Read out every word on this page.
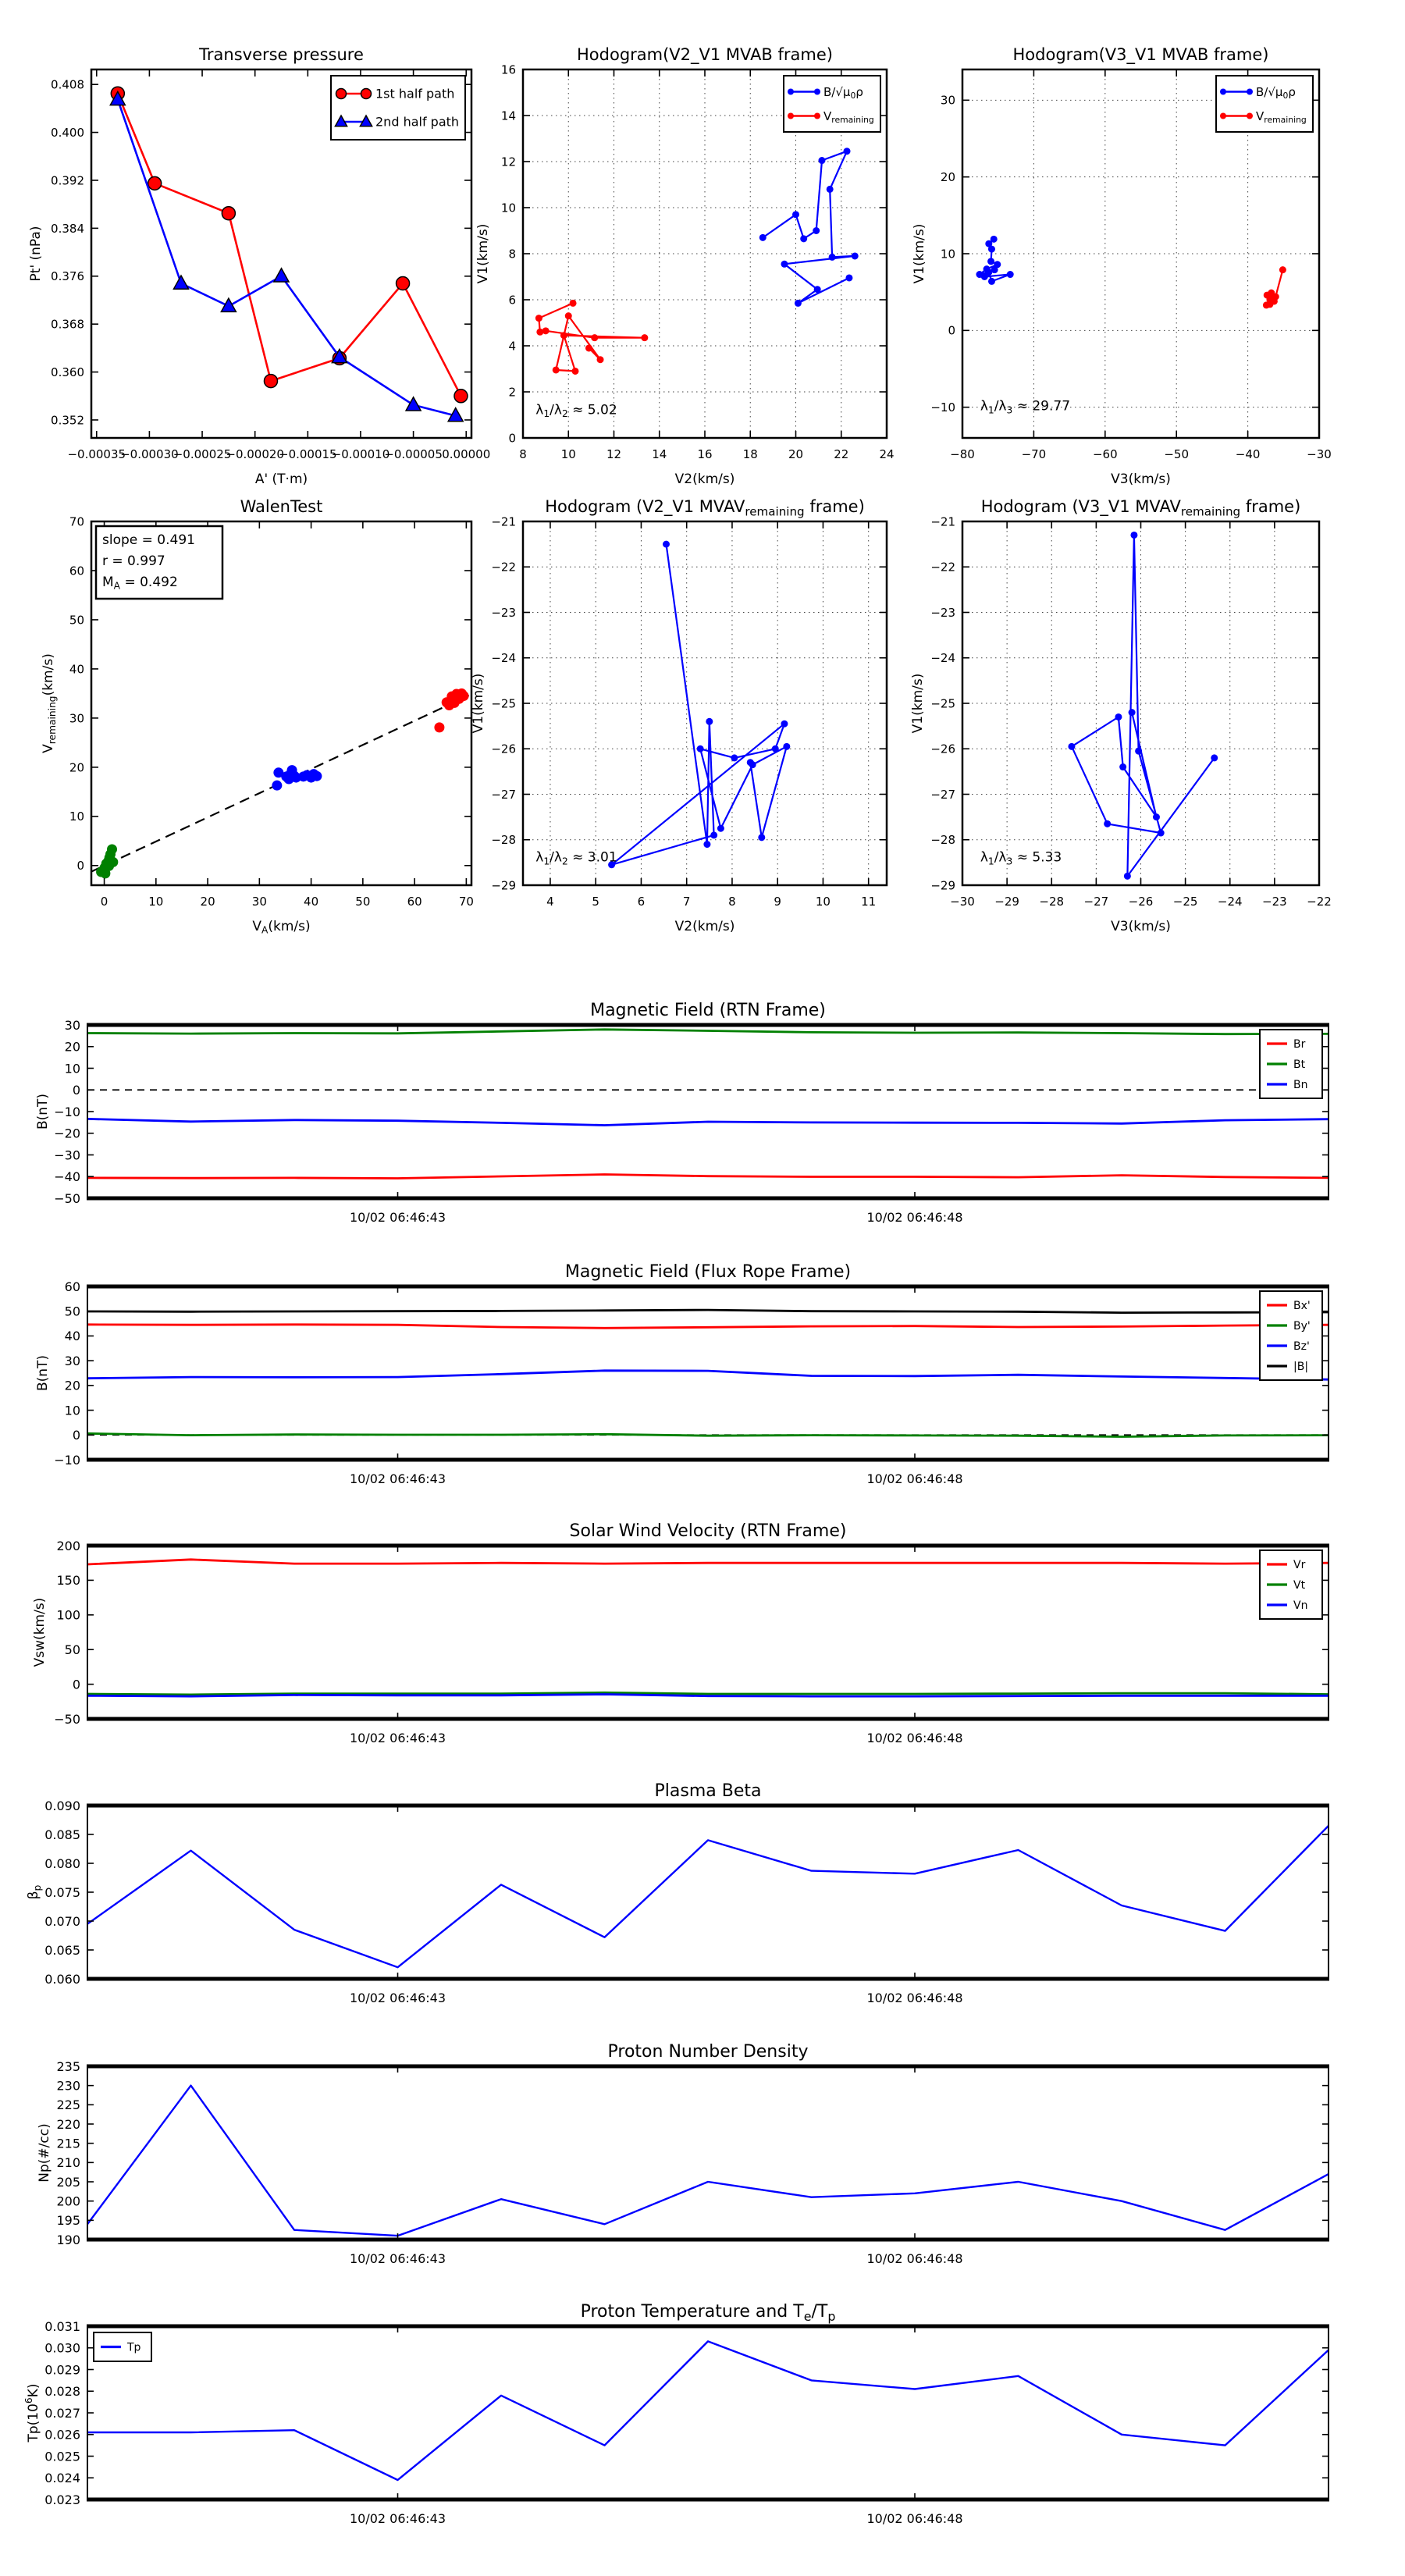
−0.00035
−0.00030
−0.00025
−0.00020
−0.00015
−0.00010
−0.00005 0.00000
0.352
0.360
0.368
0.376
0.384
0.392
0.400
0.408
Transverse pressure
A' (T·m)
Pt' (nPa)
1st half path
2nd half path
8	10	12	14	16	18	20	22	24
0
2
4
6
8
10
12
14
16
Hodogram(V2_V1 MVAB frame)
V2(km/s)
V1(km/s)
$B/√\mu_0\rho$
$V_{remaining}$
$\lambda_1/\lambda_2 \approx 5.02$
−80	−70	−60	−50	−40	−30
−10
0
10
20
30
Hodogram(V3_V1 MVAB frame)
V3(km/s)
V1(km/s)
$B/√\mu_0\rho$
$V_{remaining}$
$\lambda_1/\lambda_3 \approx 29.77$
0	10	20	30	40	50	60	70
0
10
20
30
40
50
60
70
WalenTest
$V_A(km/s)$
$V_{remaining}(km/s)$
slope = 0.491
r = 0.997
$M_A = 0.492$
4	5	6	7	8	9	10	11
−29
−28
−27
−26
−25
−24
−23
−22
−21
Hodogram (V2_V1 $MVAV_{remaining}$ frame)
V2(km/s)
V1(km/s)
$\lambda_1/\lambda_2 \approx 3.01$
−30 −29 −28 −27 −26 −25 −24 −23 −22
−29
−28
−27
−26
−25
−24
−23
−22
−21
Hodogram (V3_V1 $MVAV_{remaining}$ frame)
V3(km/s)
V1(km/s)
$\lambda_1/\lambda_3 \approx 5.33$
10/02 06:46:43	10/02 06:46:48
−50
−40
−30
−20
−10
0
10
20
30
Magnetic Field (RTN Frame)
B(nT)
Br
Bt
Bn
10/02 06:46:43	10/02 06:46:48
−10
0
10
20
30
40
50
60
Magnetic Field (Flux Rope Frame)
B(nT)
Bx'
By'
Bz'
|B|
10/02 06:46:43	10/02 06:46:48
−50
0
50
100
150
200
Solar Wind Velocity (RTN Frame)
Vsw(km/s)
Vr
Vt
Vn
10/02 06:46:43	10/02 06:46:48
0.060
0.065
0.070
0.075
0.080
0.085
0.090
Plasma Beta
$\beta_p$
10/02 06:46:43	10/02 06:46:48
190
195
200
205
210
215
220
225
230
235
Proton Number Density
Np(#/cc)
10/02 06:46:43	10/02 06:46:48
0.023
0.024
0.025
0.026
0.027
0.028
0.029
0.030
0.031
Proton Temperature and $T_e/T_p$
$Tp(10^6K)$
Tp
